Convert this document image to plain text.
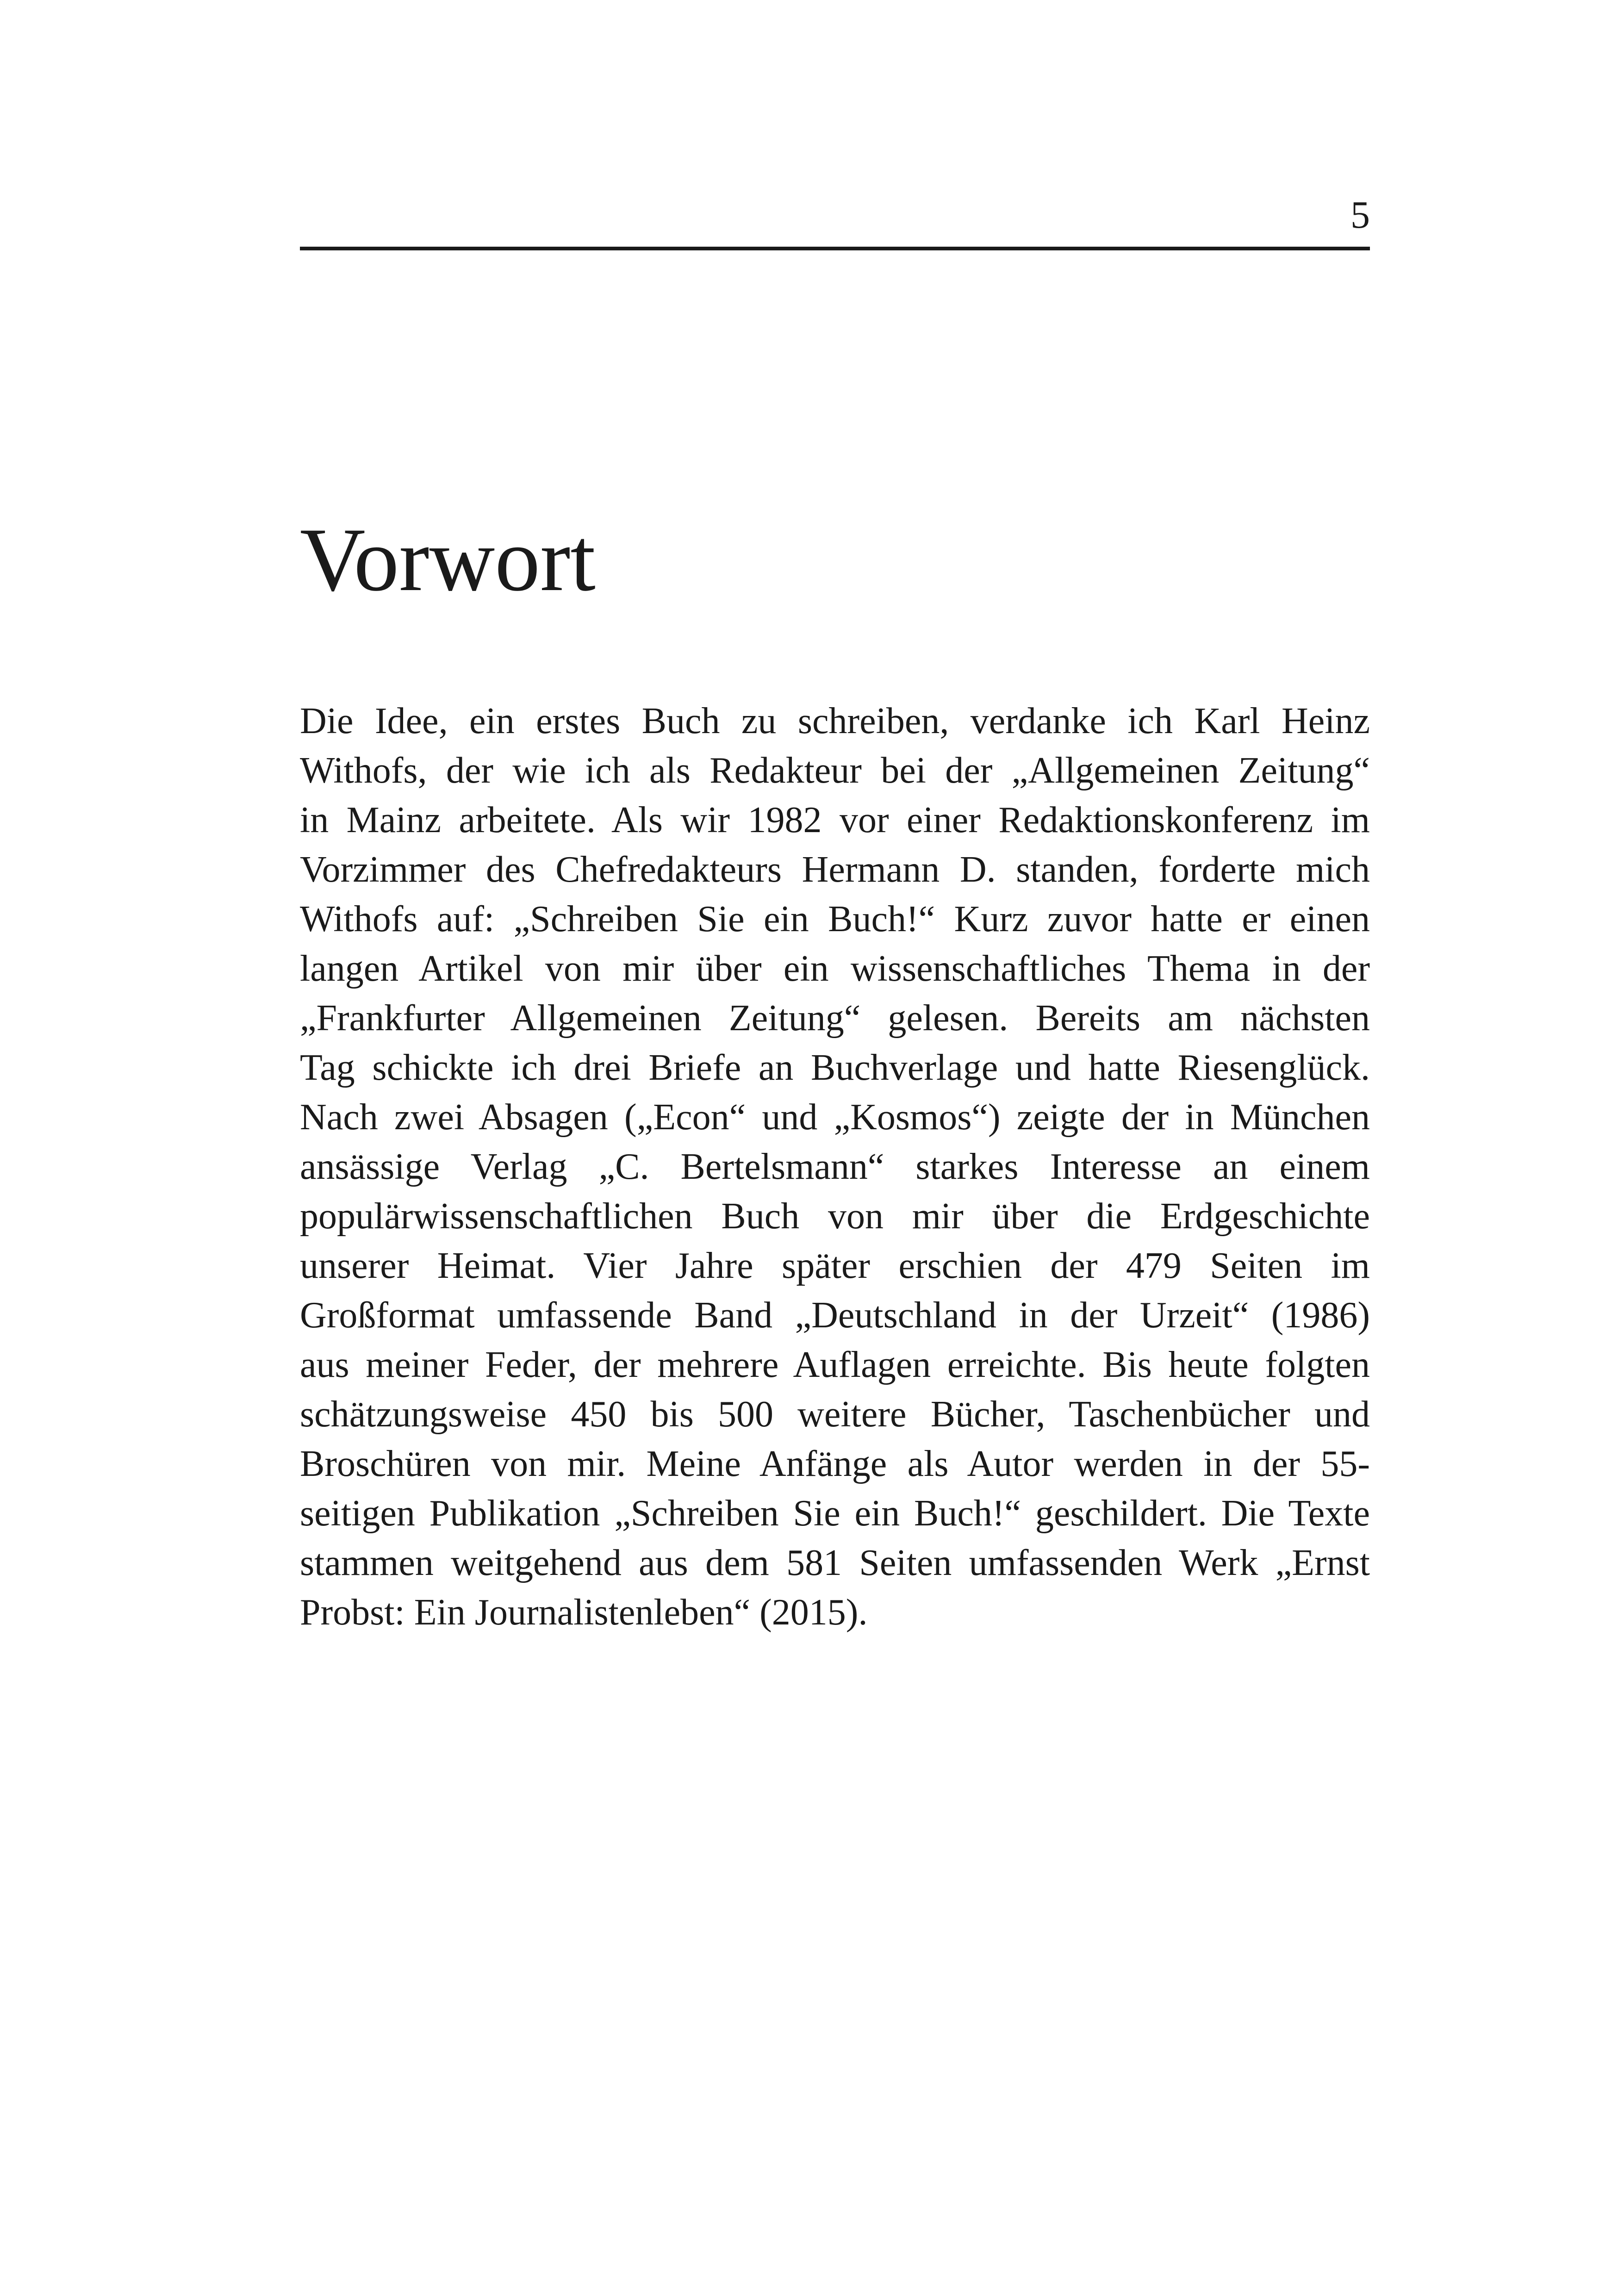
5
Vorwort
Die Idee, ein erstes Buch zu schreiben, verdanke ich Karl Heinz
Withofs, der wie ich als Redakteur bei der „Allgemeinen Zeitung“
in Mainz arbeitete. Als wir 1982 vor einer Redaktionskonferenz im
Vorzimmer des Chefredakteurs Hermann D. standen, forderte mich
Withofs auf: „Schreiben Sie ein Buch!“ Kurz zuvor hatte er einen
langen Artikel von mir über ein wissenschaftliches Thema in der
„Frankfurter Allgemeinen Zeitung“ gelesen. Bereits am nächsten
Tag schickte ich drei Briefe an Buchverlage und hatte Riesenglück.
Nach zwei Absagen („Econ“ und „Kosmos“) zeigte der in München
ansässige Verlag „C. Bertelsmann“ starkes Interesse an einem
populärwissenschaftlichen Buch von mir über die Erdgeschichte
unserer Heimat. Vier Jahre später erschien der 479 Seiten im
Großformat umfassende Band „Deutschland in der Urzeit“ (1986)
aus meiner Feder, der mehrere Auflagen erreichte. Bis heute folgten
schätzungsweise 450 bis 500 weitere Bücher, Taschenbücher und
Broschüren von mir. Meine Anfänge als Autor werden in der 55-
seitigen Publikation „Schreiben Sie ein Buch!“ geschildert. Die Texte
stammen weitgehend aus dem 581 Seiten umfassenden Werk „Ernst
Probst: Ein Journalistenleben“ (2015).
